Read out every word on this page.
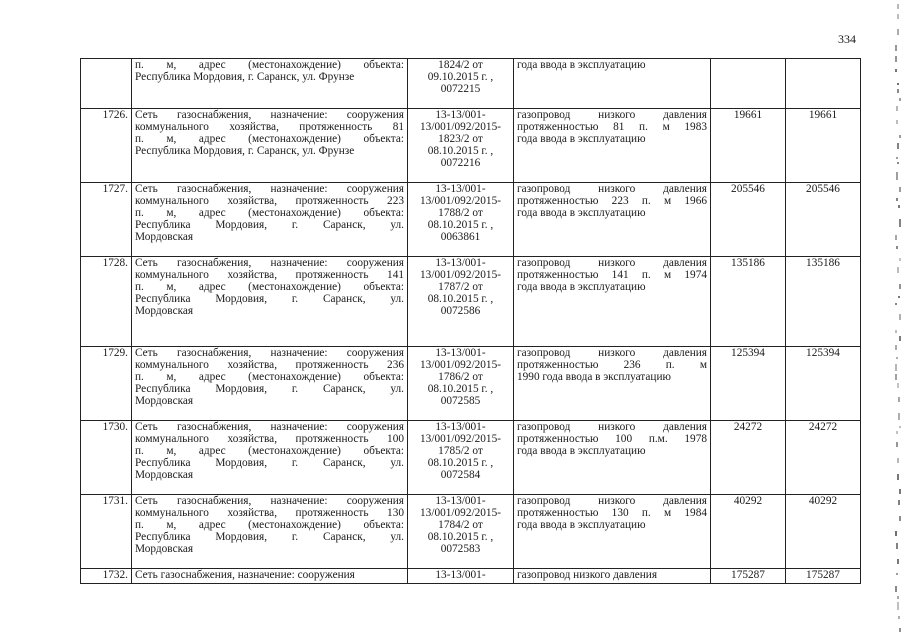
334

	п. м, адрес (местонахождение) объекта:
Республика Мордовия, г. Саранск, ул. Фрунзе	1824/2 от
09.10.2015 г. ,
0072215	года ввода в эксплуатацию		

1726.	Сеть газоснабжения, назначение: сооружения
коммунального хозяйства, протяженность 81
п. м, адрес (местонахождение) объекта:
Республика Мордовия, г. Саранск, ул. Фрунзе	13-13/001-
13/001/092/2015-
1823/2 от
08.10.2015 г. ,
0072216	газопровод низкого давления
протяженностью 81 п. м 1983
года ввода в эксплуатацию	19661	19661
1727.	Сеть газоснабжения, назначение: сооружения
коммунального хозяйства, протяженность 223
п. м, адрес (местонахождение) объекта:
Республика Мордовия, г. Саранск, ул.
Мордовская	13-13/001-
13/001/092/2015-
1788/2 от
08.10.2015 г. ,
0063861	газопровод низкого давления
протяженностью 223 п. м 1966
года ввода в эксплуатацию	205546	205546
1728.	Сеть газоснабжения, назначение: сооружения
коммунального хозяйства, протяженность 141
п. м, адрес (местонахождение) объекта:
Республика Мордовия, г. Саранск, ул.
Мордовская	13-13/001-
13/001/092/2015-
1787/2 от
08.10.2015 г. ,
0072586	газопровод низкого давления
протяженностью 141 п. м 1974
года ввода в эксплуатацию	135186	135186
1729.	Сеть газоснабжения, назначение: сооружения
коммунального хозяйства, протяженность 236
п. м, адрес (местонахождение) объекта:
Республика Мордовия, г. Саранск, ул.
Мордовская	13-13/001-
13/001/092/2015-
1786/2 от
08.10.2015 г. ,
0072585	газопровод низкого давления
протяженностью 236 п. м
1990 года ввода в эксплуатацию	125394	125394
1730.	Сеть газоснабжения, назначение: сооружения
коммунального хозяйства, протяженность 100
п. м, адрес (местонахождение) объекта:
Республика Мордовия, г. Саранск, ул.
Мордовская	13-13/001-
13/001/092/2015-
1785/2 от
08.10.2015 г. ,
0072584	газопровод низкого давления
протяженностью 100 п.м. 1978
года ввода в эксплуатацию	24272	24272
1731.	Сеть газоснабжения, назначение: сооружения
коммунального хозяйства, протяженность 130
п. м, адрес (местонахождение) объекта:
Республика Мордовия, г. Саранск, ул.
Мордовская	13-13/001-
13/001/092/2015-
1784/2 от
08.10.2015 г. ,
0072583	газопровод низкого давления
протяженностью 130 п. м 1984
года ввода в эксплуатацию	40292	40292
1732.	Сеть газоснабжения, назначение: сооружения	13-13/001-	газопровод низкого давления	175287	175287
